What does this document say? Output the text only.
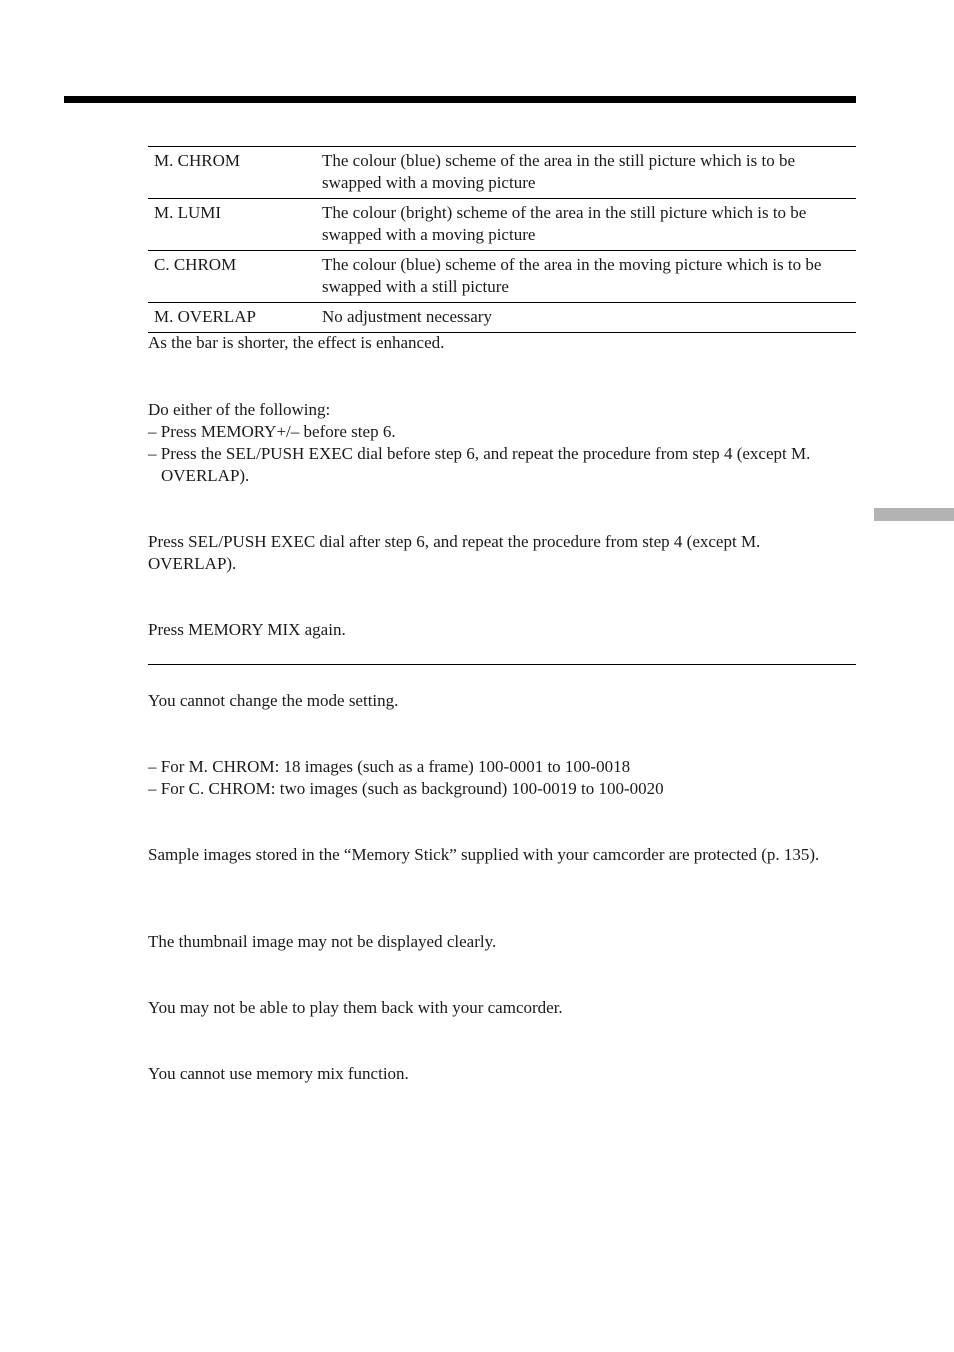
M. CHROM	The colour (blue) scheme of the area in the still picture which is to be swapped with a moving picture
M. LUMI	The colour (bright) scheme of the area in the still picture which is to be swapped with a moving picture
C. CHROM	The colour (blue) scheme of the area in the moving picture which is to be swapped with a still picture
M. OVERLAP	No adjustment necessary

As the bar is shorter, the effect is enhanced.

Do either of the following:

– Press MEMORY+/– before step 6.

– Press the SEL/PUSH EXEC dial before step 6, and repeat the procedure from step 4 (except M. OVERLAP).

Press SEL/PUSH EXEC dial after step 6, and repeat the procedure from step 4 (except M. OVERLAP).

Press MEMORY MIX again.

You cannot change the mode setting.

– For M. CHROM: 18 images (such as a frame) 100-0001 to 100-0018

– For C. CHROM: two images (such as background) 100-0019 to 100-0020

Sample images stored in the “Memory Stick” supplied with your camcorder are protected (p. 135).

The thumbnail image may not be displayed clearly.

You may not be able to play them back with your camcorder.

You cannot use memory mix function.
